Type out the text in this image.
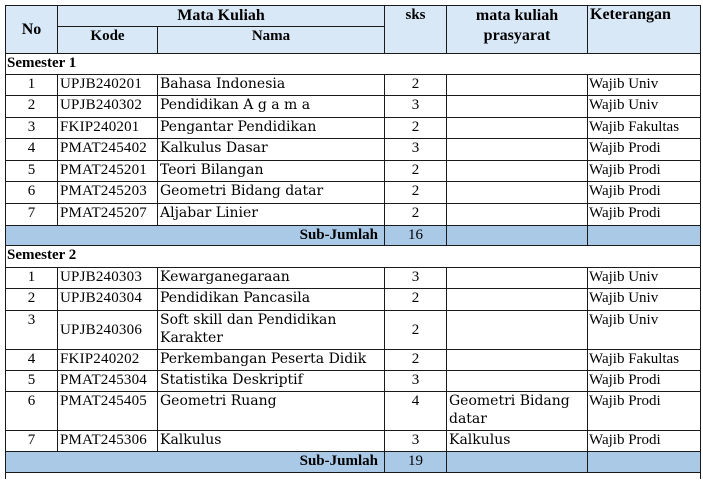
No	Mata Kuliah		sks	mata kuliah prasyarat	Keterangan
	Kode	Nama			
Semester 1					
1	UPJB240201	Bahasa Indonesia	2		Wajib Univ
2	UPJB240302	Pendidikan A g a m a	3		Wajib Univ
3	FKIP240201	Pengantar Pendidikan	2		Wajib Fakultas
4	PMAT245402	Kalkulus Dasar	3		Wajib Prodi
5	PMAT245201	Teori Bilangan	2		Wajib Prodi
6	PMAT245203	Geometri Bidang datar	2		Wajib Prodi
7	PMAT245207	Aljabar Linier	2		Wajib Prodi
Sub-Jumlah			16		
Semester 2					
1	UPJB240303	Kewarganegaraan	3		Wajib Univ
2	UPJB240304	Pendidikan Pancasila	2		Wajib Univ
3	UPJB240306	Soft skill dan Pendidikan Karakter	2		Wajib Univ
4	FKIP240202	Perkembangan Peserta Didik	2		Wajib Fakultas
5	PMAT245304	Statistika Deskriptif	3		Wajib Prodi
6	PMAT245405	Geometri Ruang	4	Geometri Bidang datar	Wajib Prodi
7	PMAT245306	Kalkulus	3	Kalkulus	Wajib Prodi
Sub-Jumlah			19		
